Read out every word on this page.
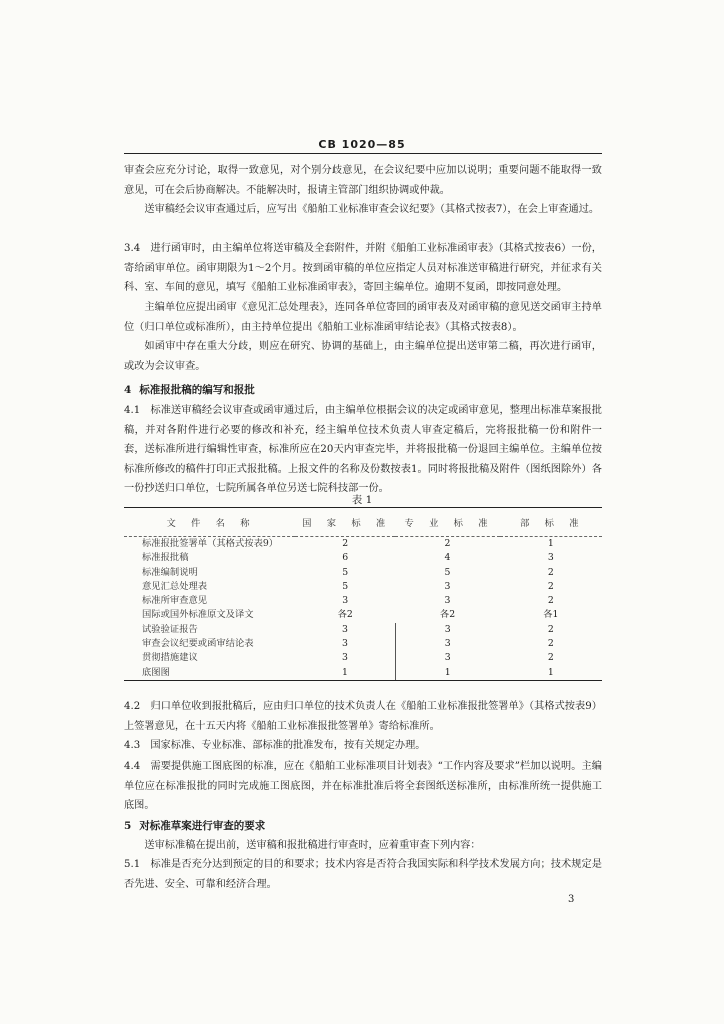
CB 1020—85

审查会应充分讨论，取得一致意见，对个别分歧意见，在会议纪要中应加以说明；重要问题不能取得一致意见，可在会后协商解决。不能解决时，报请主管部门组织协调或仲裁。

送审稿经会议审查通过后，应写出《船舶工业标准审查会议纪要》（其格式按表7），在会上审查通过。

3.4　进行函审时，由主编单位将送审稿及全套附件，并附《船舶工业标准函审表》（其格式按表6）一份，寄给函审单位。函审期限为1～2个月。按到函审稿的单位应指定人员对标准送审稿进行研究，并征求有关科、室、车间的意见，填写《船舶工业标准函审表》，寄回主编单位。逾期不复函，即按同意处理。

主编单位应提出函审《意见汇总处理表》，连同各单位寄回的函审表及对函审稿的意见送交函审主持单位（归口单位或标准所），由主持单位提出《船舶工业标准函审结论表》（其格式按表8）。

如函审中存在重大分歧，则应在研究、协调的基础上，由主编单位提出送审第二稿，再次进行函审，或改为会议审查。

4 标准报批稿的编写和报批

4.1　标准送审稿经会议审查或函审通过后，由主编单位根据会议的决定或函审意见，整理出标准草案报批稿，并对各附件进行必要的修改和补充，经主编单位技术负责人审查定稿后，完将报批稿一份和附件一套，送标准所进行编辑性审查，标准所应在20天内审查完毕，并将报批稿一份退回主编单位。主编单位按标准所修改的稿件打印正式报批稿。上报文件的名称及份数按表1。同时将报批稿及附件（图纸图除外）各一份抄送归口单位，七院所属各单位另送七院科技部一份。

表 1
文　件　名　称	国　家　标　准	专　业　标　准	部　标　准
标准报批签署单（其格式按表9）	2	2	1
标准报批稿	6	4	3
标准编制说明	5	5	2
意见汇总处理表	5	3	2
标准所审查意见	3	3	2
国际或国外标准原文及译文	各2	各2	各1
试验验证报告	3	3	2
审查会议纪要或函审结论表	3	3	2
贯彻措施建议	3	3	2
底图图	1	1	1

4.2　归口单位收到报批稿后，应由归口单位的技术负责人在《船舶工业标准报批签署单》（其格式按表9）上签署意见，在十五天内将《船舶工业标准报批签署单》寄给标准所。

4.3　国家标准、专业标准、部标准的批准发布，按有关规定办理。

4.4　需要提供施工图底图的标准，应在《船舶工业标准项目计划表》“工作内容及要求”栏加以说明。主编单位应在标准报批的同时完成施工图底图，并在标准批准后将全套图纸送标准所，由标准所统一提供施工底图。

5 对标准草案进行审查的要求

送审标准稿在提出前，送审稿和报批稿进行审查时，应着重审查下列内容：

5.1　标准是否充分达到预定的目的和要求；技术内容是否符合我国实际和科学技术发展方向；技术规定是否先进、安全、可靠和经济合理。

3
